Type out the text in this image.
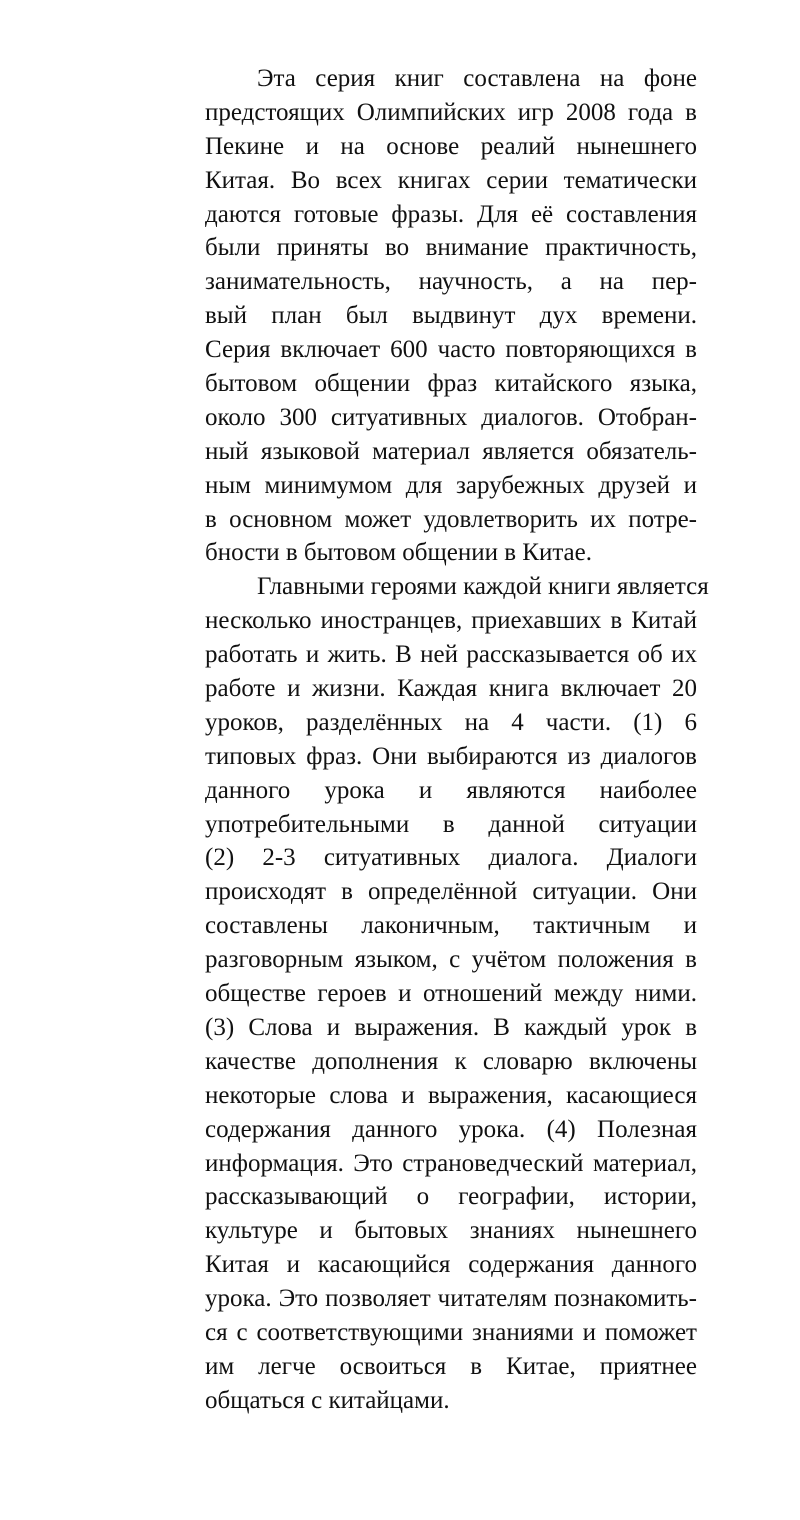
Эта серия книг составлена на фоне
предстоящих Олимпийских игр 2008 года в
Пекине и на основе реалий нынешнего
Китая. Во всех книгах серии тематически
даются готовые фразы. Для её составления
были приняты во внимание практичность,
занимательность, научность, а на пер-
вый план был выдвинут дух времени.
Серия включает 600 часто повторяющихся в
бытовом общении фраз китайского языка,
около 300 ситуативных диалогов. Отобран-
ный языковой материал является обязатель-
ным минимумом для зарубежных друзей и
в основном может удовлетворить их потре-
бности в бытовом общении в Китае.
Главными героями каждой книги является
несколько иностранцев, приехавших в Китай
работать и жить. В ней рассказывается об их
работе и жизни. Каждая книга включает 20
уроков, разделённых на 4 части. (1) 6
типовых фраз. Они выбираются из диалогов
данного урока и являются наиболее
употребительными в данной ситуации
(2) 2-3 ситуативных диалога. Диалоги
происходят в определённой ситуации. Они
составлены лаконичным, тактичным и
разговорным языком, с учётом положения в
обществе героев и отношений между ними.
(3) Слова и выражения. В каждый урок в
качестве дополнения к словарю включены
некоторые слова и выражения, касающиеся
содержания данного урока. (4) Полезная
информация. Это страноведческий материал,
рассказывающий о географии, истории,
культуре и бытовых знаниях нынешнего
Китая и касающийся содержания данного
урока. Это позволяет читателям познакомить-
ся с соответствующими знаниями и поможет
им легче освоиться в Китае, приятнее
общаться с китайцами.
